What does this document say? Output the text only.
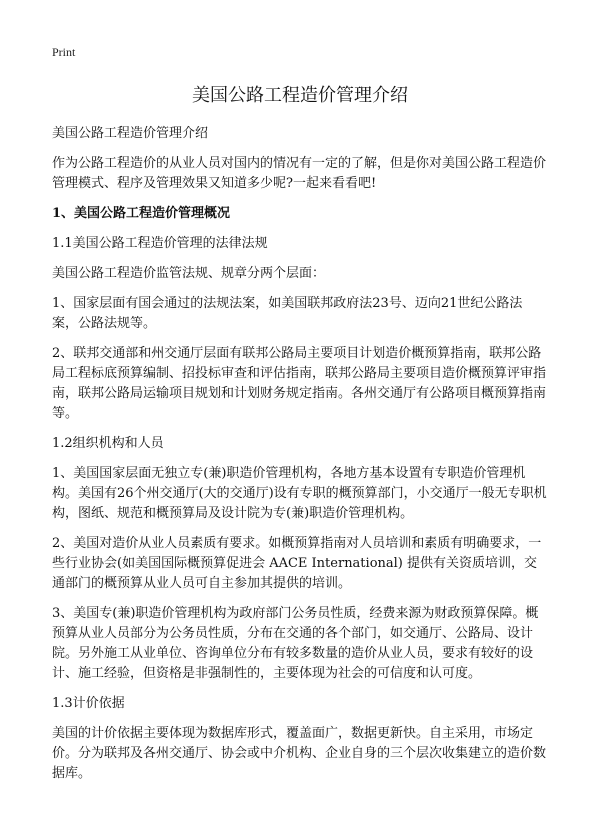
Print
美国公路工程造价管理介绍

美国公路工程造价管理介绍

作为公路工程造价的从业人员对国内的情况有一定的了解，但是你对美国公路工程造价管理模式、程序及管理效果又知道多少呢?一起来看看吧!

1、美国公路工程造价管理概况

1.1美国公路工程造价管理的法律法规

美国公路工程造价监管法规、规章分两个层面：

1、国家层面有国会通过的法规法案，如美国联邦政府法23号、迈向21世纪公路法案，公路法规等。

2、联邦交通部和州交通厅层面有联邦公路局主要项目计划造价概预算指南，联邦公路局工程标底预算编制、招投标审查和评估指南，联邦公路局主要项目造价概预算评审指南，联邦公路局运输项目规划和计划财务规定指南。各州交通厅有公路项目概预算指南等。

1.2组织机构和人员

1、美国国家层面无独立专(兼)职造价管理机构，各地方基本设置有专职造价管理机构。美国有26个州交通厅(大的交通厅)设有专职的概预算部门，小交通厅一般无专职机构，图纸、规范和概预算局及设计院为专(兼)职造价管理机构。

2、美国对造价从业人员素质有要求。如概预算指南对人员培训和素质有明确要求，一些行业协会(如美国国际概预算促进会 AACE International) 提供有关资质培训，交通部门的概预算从业人员可自主参加其提供的培训。

3、美国专(兼)职造价管理机构为政府部门公务员性质，经费来源为财政预算保障。概预算从业人员部分为公务员性质，分布在交通的各个部门，如交通厅、公路局、设计院。另外施工从业单位、咨询单位分布有较多数量的造价从业人员，要求有较好的设计、施工经验，但资格是非强制性的，主要体现为社会的可信度和认可度。

1.3计价依据

美国的计价依据主要体现为数据库形式，覆盖面广，数据更新快。自主采用，市场定价。分为联邦及各州交通厅、协会或中介机构、企业自身的三个层次收集建立的造价数据库。
